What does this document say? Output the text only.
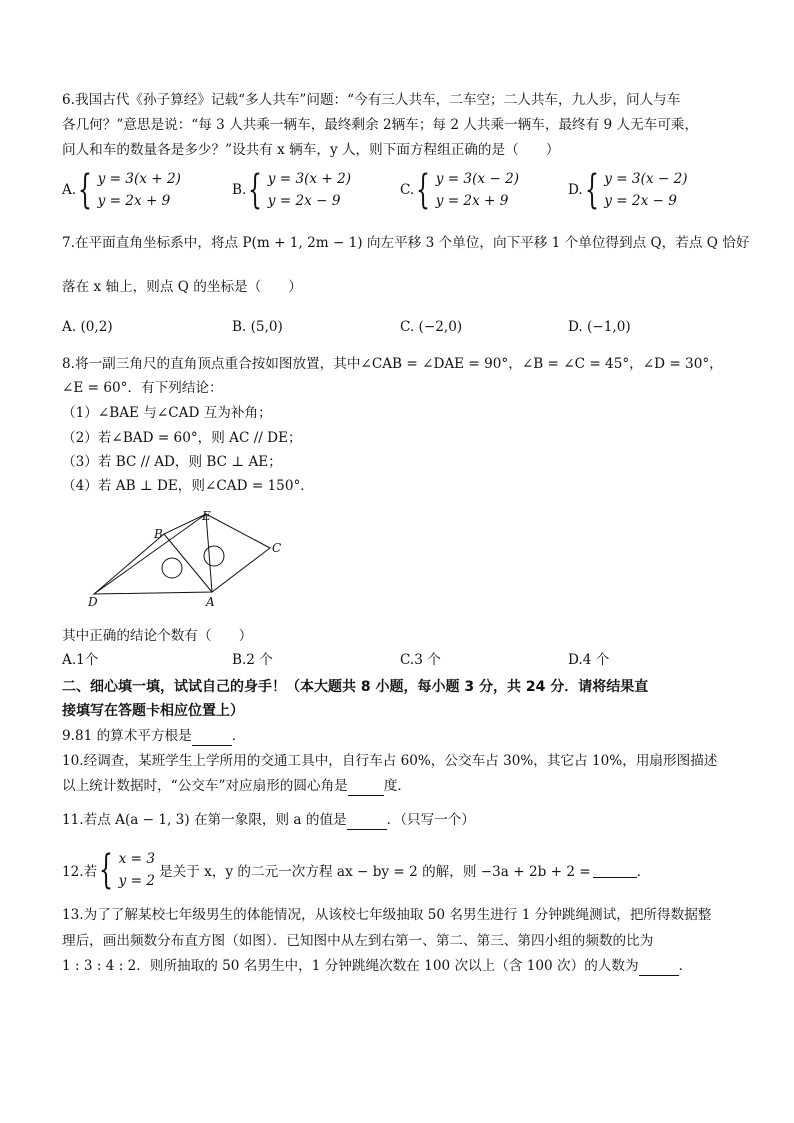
6.我国古代《孙子算经》记载“多人共车”问题：“今有三人共车，二车空；二人共车，九人步，问人与车
各几何？”意思是说：“每 3 人共乘一辆车，最终剩余 2辆车；每 2 人共乘一辆车，最终有 9 人无车可乘，
问人和车的数量各是多少？”设共有 x 辆车，y 人，则下面方程组正确的是（　　）
A. { y = 3(x + 2)
y = 2x + 9
B. { y = 3(x + 2)
y = 2x − 9
C. { y = 3(x − 2)
y = 2x + 9
D. { y = 3(x − 2)
y = 2x − 9
7.在平面直角坐标系中，将点 P(m + 1, 2m − 1) 向左平移 3 个单位，向下平移 1 个单位得到点 Q，若点 Q 恰好
落在 x 轴上，则点 Q 的坐标是（　　）
A. (0,2)	B. (5,0)	C. (−2,0)	D. (−1,0)
8.将一副三角尺的直角顶点重合按如图放置，其中∠CAB = ∠DAE = 90°，∠B = ∠C = 45°，∠D = 30°，
∠E = 60°．有下列结论：
（1）∠BAE 与∠CAD 互为补角；
（2）若∠BAD = 60°，则 AC // DE；
（3）若 BC // AD，则 BC ⊥ AE；
（4）若 AB ⊥ DE，则∠CAD = 150°．
E
B
C
D	A
其中正确的结论个数有（　　）
A.1个	B.2 个	C.3 个	D.4 个
二、细心填一填，试试自己的身手！（本大题共 8 小题，每小题 3 分，共 24 分．请将结果直
接填写在答题卡相应位置上）
9.81 的算术平方根是	．
10.经调查，某班学生上学所用的交通工具中，自行车占 60%，公交车占 30%，其它占 10%，用扇形图描述
以上统计数据时，“公交车”对应扇形的圆心角是	度．
11.若点 A(a − 1, 3) 在第一象限，则 a 的值是	．（只写一个）
12.若 { x = 3
y = 2
是关于 x，y 的二元一次方程 ax − by = 2 的解，则 −3a + 2b + 2 =	．
13.为了了解某校七年级男生的体能情况，从该校七年级抽取 50 名男生进行 1 分钟跳绳测试，把所得数据整
理后，画出频数分布直方图（如图）．已知图中从左到右第一、第二、第三、第四小组的频数的比为
1 : 3 : 4 : 2．则所抽取的 50 名男生中，1 分钟跳绳次数在 100 次以上（含 100 次）的人数为	．
